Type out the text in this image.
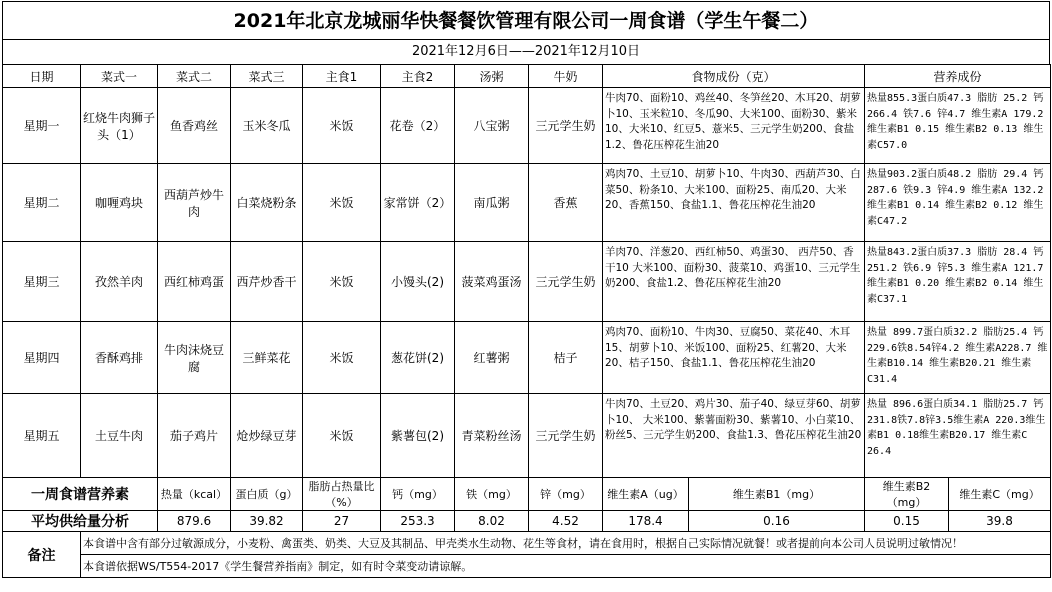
2021年北京龙城丽华快餐餐饮管理有限公司一周食谱（学生午餐二）
2021年12月6日——2021年12月10日
日期	菜式一	菜式二	菜式三	主食1	主食2	汤粥	牛奶	食物成份（克）		营养成份	
星期一	红烧牛肉狮子头（1）	鱼香鸡丝	玉米冬瓜	米饭	花卷（2）	八宝粥	三元学生奶	牛肉70、面粉10、鸡丝40、冬笋丝20、木耳20、胡萝卜10、玉米粒10、冬瓜90、大米100、面粉30、紫米10、大米10、红豆5、薏米5、三元学生奶200、食盐1.2、鲁花压榨花生油20		热量855.3蛋白质47.3 脂肪 25.2 钙 266.4 铁7.6 锌4.7 维生素A 179.2 维生素B1 0.15 维生素B2 0.13 维生素C57.0	
星期二	咖喱鸡块	西葫芦炒牛肉	白菜烧粉条	米饭	家常饼（2）	南瓜粥	香蕉	鸡肉70、土豆10、胡萝卜10、牛肉30、西葫芦30、白菜50、粉条10、大米100、面粉25、南瓜20、大米20、香蕉150、食盐1.1、鲁花压榨花生油20		热量903.2蛋白质48.2 脂肪 29.4 钙 287.6 铁9.3 锌4.9 维生素A 132.2 维生素B1 0.14 维生素B2 0.12 维生素C47.2	
星期三	孜然羊肉	西红柿鸡蛋	西芹炒香干	米饭	小馒头(2)	菠菜鸡蛋汤	三元学生奶	羊肉70、洋葱20、西红柿50、鸡蛋30、 西芹50、香干10 大米100、面粉30、菠菜10、鸡蛋10、三元学生奶200、食盐1.2、鲁花压榨花生油20		热量843.2蛋白质37.3 脂肪 28.4 钙 251.2 铁6.9 锌5.3 维生素A 121.7 维生素B1 0.20 维生素B2 0.14 维生素C37.1	
星期四	香酥鸡排	牛肉沫烧豆腐	三鲜菜花	米饭	葱花饼(2)	红薯粥	桔子	鸡肉70、面粉10、牛肉30、豆腐50、菜花40、木耳15、胡萝卜10、米饭100、面粉25、红薯20、大米20、桔子150、食盐1.1、鲁花压榨花生油20		热量 899.7蛋白质32.2 脂肪25.4 钙229.6铁8.54锌4.2 维生素A228.7 维生素B10.14 维生素B20.21 维生素C31.4	
星期五	土豆牛肉	茄子鸡片	炝炒绿豆芽	米饭	紫薯包(2)	青菜粉丝汤	三元学生奶	牛肉70、土豆20、鸡片30、茄子40、绿豆芽60、胡萝卜10、 大米100、紫薯面粉30、紫薯10、小白菜10、粉丝5、三元学生奶200、食盐1.3、鲁花压榨花生油20		热量 896.6蛋白质34.1 脂肪25.7 钙231.8铁7.8锌3.5维生素A 220.3维生素B1 0.18维生素B20.17 维生素C 26.4	
一周食谱营养素		热量（kcal）	蛋白质（g）	脂肪占热量比（%）	钙（mg）	铁（mg）	锌（mg）	维生素A（ug）	维生素B1（mg）	维生素B2（mg）	维生素C（mg）
平均供给量分析		879.6	39.82	27	253.3	8.02	4.52	178.4	0.16	0.15	39.8
备注	本食谱中含有部分过敏源成分，小麦粉、禽蛋类、奶类、大豆及其制品、甲壳类水生动物、花生等食材，请在食用时，根据自己实际情况就餐！或者提前向本公司人员说明过敏情况！										
	本食谱依据WS/T554-2017《学生餐营养指南》制定，如有时令菜变动请谅解。										
